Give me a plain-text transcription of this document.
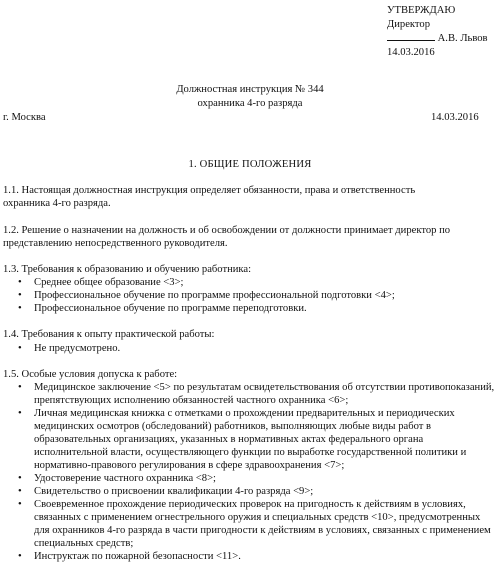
УТВЕРЖДАЮ
Директор
А.В. Львов
14.03.2016
Должностная инструкция № 344
охранника 4-го разряда
г. Москва	14.03.2016
1. ОБЩИЕ ПОЛОЖЕНИЯ
1.1. Настоящая должностная инструкция определяет обязанности, права и ответственность
охранника 4-го разряда.
1.2. Решение о назначении на должность и об освобождении от должности принимает директор по
представлению непосредственного руководителя.
1.3. Требования к образованию и обучению работника:
• Среднее общее образование <3>;
• Профессиональное обучение по программе профессиональной подготовки <4>;
• Профессиональное обучение по программе переподготовки.
1.4. Требования к опыту практической работы:
• Не предусмотрено.
1.5. Особые условия допуска к работе:
• Медицинское заключение <5> по результатам освидетельствования об отсутствии противопоказаний, препятствующих исполнению обязанностей частного охранника <6>;
• Личная медицинская книжка с отметками о прохождении предварительных и периодических медицинских осмотров (обследований) работников, выполняющих любые виды работ в образовательных организациях, указанных в нормативных актах федерального органа исполнительной власти, осуществляющего функции по выработке государственной политики и нормативно-правового регулирования в сфере здравоохранения <7>;
• Удостоверение частного охранника <8>;
• Свидетельство о присвоении квалификации 4-го разряда <9>;
• Своевременное прохождение периодических проверок на пригодность к действиям в условиях, связанных с применением огнестрельного оружия и специальных средств <10>, предусмотренных для охранников 4-го разряда в части пригодности к действиям в условиях, связанных с применением специальных средств;
• Инструктаж по пожарной безопасности <11>.
